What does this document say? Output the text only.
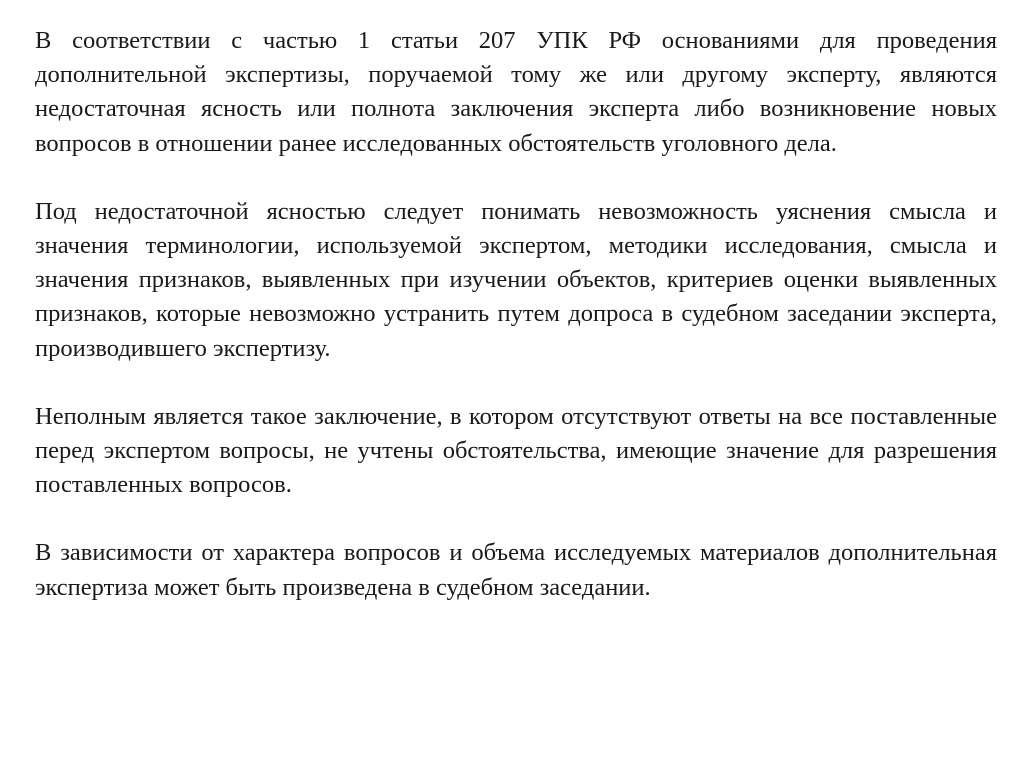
В соответствии с частью 1 статьи 207 УПК РФ основаниями для проведения дополнительной экспертизы, поручаемой тому же или другому эксперту, являются недостаточная ясность или полнота заключения эксперта либо возникновение новых вопросов в отношении ранее исследованных обстоятельств уголовного дела.

Под недостаточной ясностью следует понимать невозможность уяснения смысла и значения терминологии, используемой экспертом, методики исследования, смысла и значения признаков, выявленных при изучении объектов, критериев оценки выявленных признаков, которые невозможно устранить путем допроса в судебном заседании эксперта, производившего экспертизу.

Неполным является такое заключение, в котором отсутствуют ответы на все поставленные перед экспертом вопросы, не учтены обстоятельства, имеющие значение для разрешения поставленных вопросов.

В зависимости от характера вопросов и объема исследуемых материалов дополнительная экспертиза может быть произведена в судебном заседании.
